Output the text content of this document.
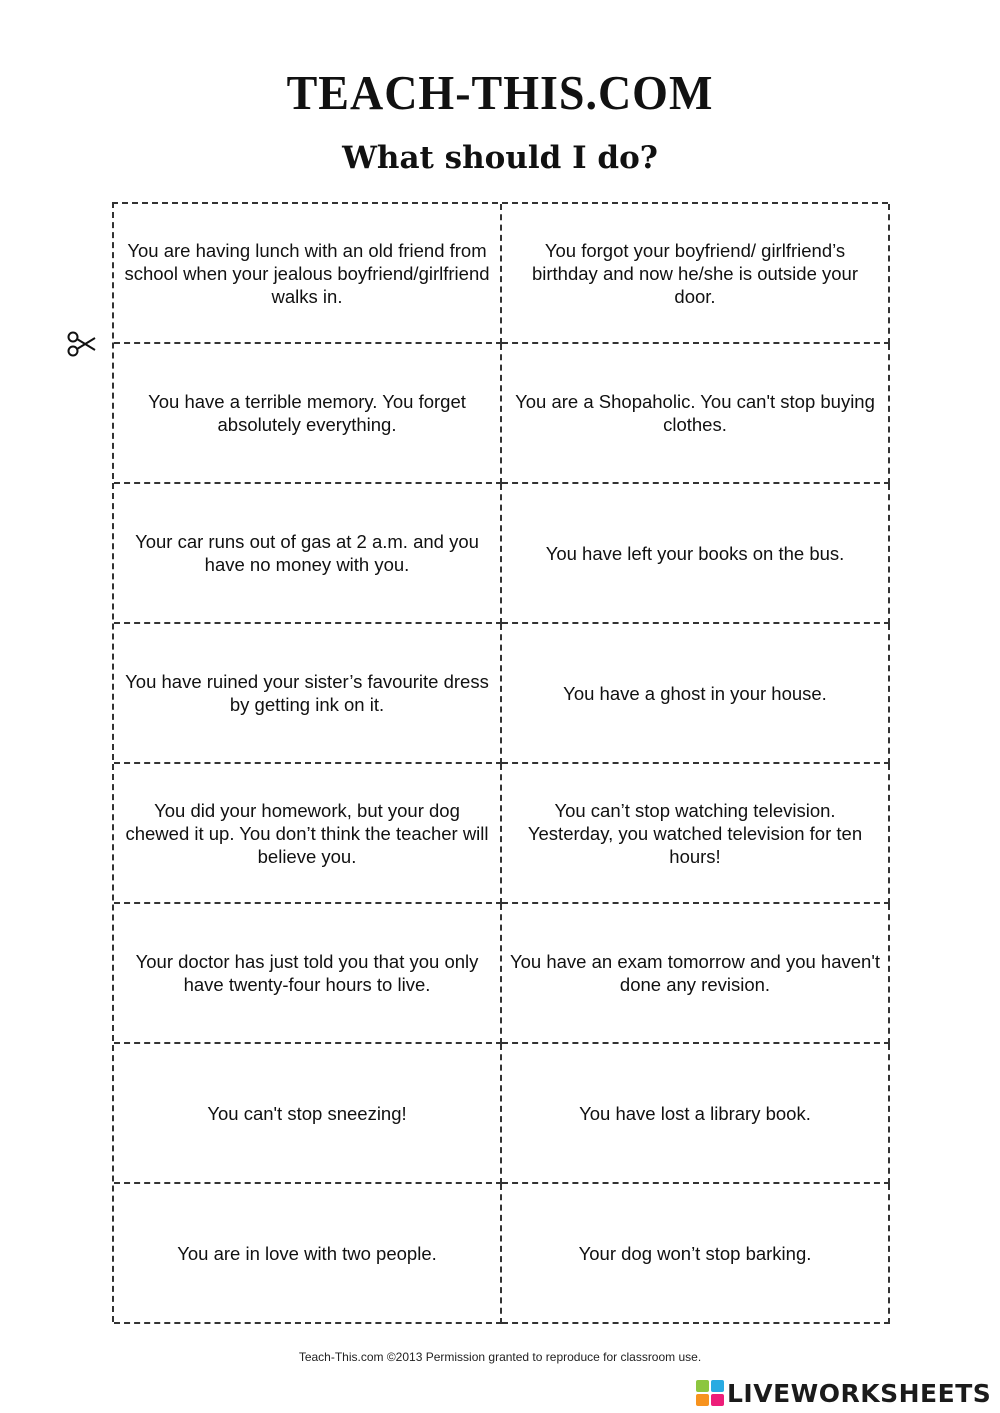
TEACH-THIS.COM
What should I do?
You are having lunch with an old friend from school when your jealous boyfriend/girlfriend walks in.
You forgot your boyfriend/ girlfriend’s birthday and now he/she is outside your door.
You have a terrible memory. You forget absolutely everything.
You are a Shopaholic. You can't stop buying clothes.
Your car runs out of gas at 2 a.m. and you have no money with you.
You have left your books on the bus.
You have ruined your sister’s favourite dress by getting ink on it.
You have a ghost in your house.
You did your homework, but your dog chewed it up. You don’t think the teacher will believe you.
You can’t stop watching television. Yesterday, you watched television for ten hours!
Your doctor has just told you that you only have twenty-four hours to live.
You have an exam tomorrow and you haven't done any revision.
You can't stop sneezing!	You have lost a library book.
You are in love with two people.	Your dog won’t stop barking.
Teach-This.com ©2013 Permission granted to reproduce for classroom use.
LIVEWORKSHEETS
